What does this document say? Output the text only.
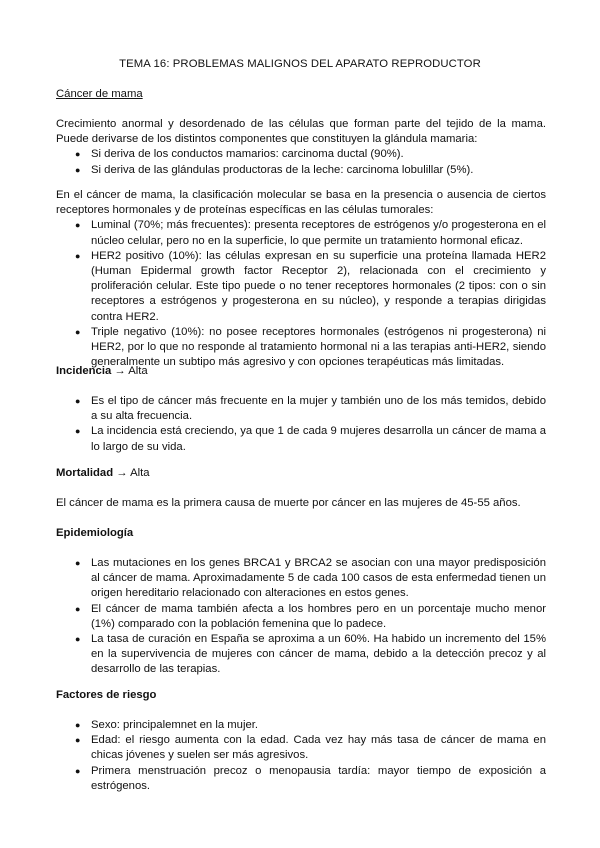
TEMA 16: PROBLEMAS MALIGNOS DEL APARATO REPRODUCTOR
Cáncer de mama

Crecimiento anormal y desordenado de las células que forman parte del tejido de la mama. Puede derivarse de los distintos componentes que constituyen la glándula mamaria:

● Si deriva de los conductos mamarios: carcinoma ductal (90%).
● Si deriva de las glándulas productoras de la leche: carcinoma lobulillar (5%).

En el cáncer de mama, la clasificación molecular se basa en la presencia o ausencia de ciertos receptores hormonales y de proteínas específicas en las células tumorales:

● Luminal (70%; más frecuentes): presenta receptores de estrógenos y/o progesterona en el núcleo celular, pero no en la superficie, lo que permite un tratamiento hormonal eficaz.
● HER2 positivo (10%): las células expresan en su superficie una proteína llamada HER2 (Human Epidermal growth factor Receptor 2), relacionada con el crecimiento y proliferación celular. Este tipo puede o no tener receptores hormonales (2 tipos: con o sin receptores a estrógenos y progesterona en su núcleo), y responde a terapias dirigidas contra HER2.
● Triple negativo (10%): no posee receptores hormonales (estrógenos ni progesterona) ni HER2, por lo que no responde al tratamiento hormonal ni a las terapias anti-HER2, siendo generalmente un subtipo más agresivo y con opciones terapéuticas más limitadas.
Incidencia → Alta
● Es el tipo de cáncer más frecuente en la mujer y también uno de los más temidos, debido a su alta frecuencia.
● La incidencia está creciendo, ya que 1 de cada 9 mujeres desarrolla un cáncer de mama a lo largo de su vida.
Mortalidad → Alta

El cáncer de mama es la primera causa de muerte por cáncer en las mujeres de 45-55 años.

Epidemiología
● Las mutaciones en los genes BRCA1 y BRCA2 se asocian con una mayor predisposición al cáncer de mama. Aproximadamente 5 de cada 100 casos de esta enfermedad tienen un origen hereditario relacionado con alteraciones en estos genes.
● El cáncer de mama también afecta a los hombres pero en un porcentaje mucho menor (1%) comparado con la población femenina que lo padece.
● La tasa de curación en España se aproxima a un 60%. Ha habido un incremento del 15% en la supervivencia de mujeres con cáncer de mama, debido a la detección precoz y al desarrollo de las terapias.
Factores de riesgo
● Sexo: principalemnet en la mujer.
● Edad: el riesgo aumenta con la edad. Cada vez hay más tasa de cáncer de mama en chicas jóvenes y suelen ser más agresivos.
● Primera menstruación precoz o menopausia tardía: mayor tiempo de exposición a estrógenos.
